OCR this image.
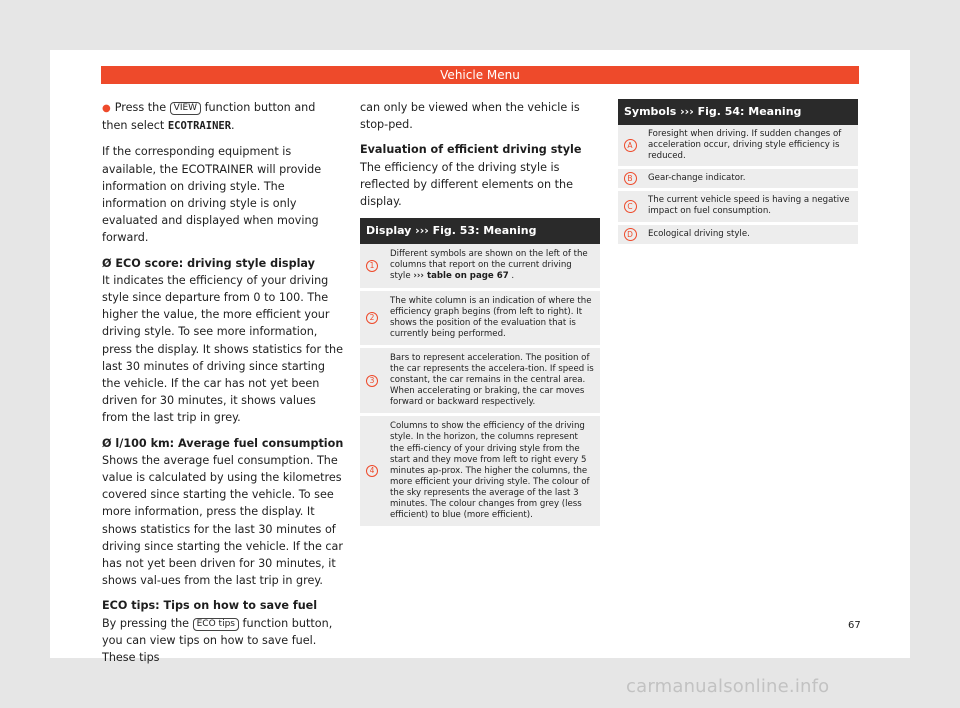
Vehicle Menu

● Press the VIEW function button and then select ECOTRAINER.

If the corresponding equipment is available, the ECOTRAINER will provide information on driving style. The information on driving style is only evaluated and displayed when moving forward.

Ø ECO score: driving style display

It indicates the efficiency of your driving style since departure from 0 to 100. The higher the value, the more efficient your driving style. To see more information, press the display. It shows statistics for the last 30 minutes of driving since starting the vehicle. If the car has not yet been driven for 30 minutes, it shows values from the last trip in grey.

Ø l/100 km: Average fuel consumption

Shows the average fuel consumption. The value is calculated by using the kilometres covered since starting the vehicle. To see more information, press the display. It shows statistics for the last 30 minutes of driving since starting the vehicle. If the car has not yet been driven for 30 minutes, it shows val-ues from the last trip in grey.

ECO tips: Tips on how to save fuel

By pressing the ECO tips function button, you can view tips on how to save fuel. These tips

can only be viewed when the vehicle is stop-ped.

Evaluation of efficient driving style

The efficiency of the driving style is reflected by different elements on the display.

Display ››› Fig. 53: Meaning	
1	Different symbols are shown on the left of the columns that report on the current driving style ››› table on page 67 .
2	The white column is an indication of where the efficiency graph begins (from left to right). It shows the position of the evaluation that is currently being performed.
3	Bars to represent acceleration. The position of the car represents the accelera-tion. If speed is constant, the car remains in the central area. When accelerating or braking, the car moves forward or backward respectively.
4	Columns to show the efficiency of the driving style. In the horizon, the columns represent the effi-ciency of your driving style from the start and they move from left to right every 5 minutes ap-prox. The higher the columns, the more efficient your driving style. The colour of the sky represents the average of the last 3 minutes. The colour changes from grey (less efficient) to blue (more efficient).
Symbols ››› Fig. 54: Meaning	
A	Foresight when driving. If sudden changes of acceleration occur, driving style efficiency is reduced.
B	Gear-change indicator.
C	The current vehicle speed is having a negative impact on fuel consumption.
D	Ecological driving style.
67
carmanualsonline.info
